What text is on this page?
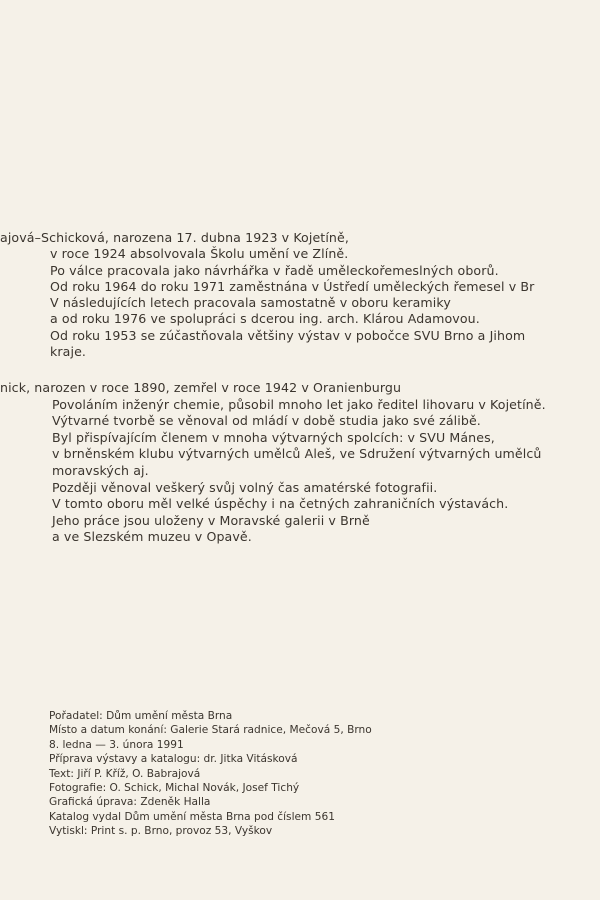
ajová–Schicková, narozena 17. dubna 1923 v Kojetíně,
v roce 1924 absolvovala Školu umění ve Zlíně.
Po válce pracovala jako návrhářka v řadě uměleckořemeslných oborů.
Od roku 1964 do roku 1971 zaměstnána v Ústředí uměleckých řemesel v Br
V následujících letech pracovala samostatně v oboru keramiky
a od roku 1976 ve spolupráci s dcerou ing. arch. Klárou Adamovou.
Od roku 1953 se zúčastňovala většiny výstav v pobočce SVU Brno a Jihom
kraje.
nick, narozen v roce 1890, zemřel v roce 1942 v Oranienburgu
Povoláním inženýr chemie, působil mnoho let jako ředitel lihovaru v Kojetíně.
Výtvarné tvorbě se věnoval od mládí v době studia jako své zálibě.
Byl přispívajícím členem v mnoha výtvarných spolcích: v SVU Mánes,
v brněnském klubu výtvarných umělců Aleš, ve Sdružení výtvarných umělců
moravských aj.
Později věnoval veškerý svůj volný čas amatérské fotografii.
V tomto oboru měl velké úspěchy i na četných zahraničních výstavách.
Jeho práce jsou uloženy v Moravské galerii v Brně
a ve Slezském muzeu v Opavě.
Pořadatel: Dům umění města Brna
Místo a datum konání: Galerie Stará radnice, Mečová 5, Brno
8. ledna — 3. února 1991
Příprava výstavy a katalogu: dr. Jitka Vitásková
Text: Jiří P. Kříž, O. Babrajová
Fotografie: O. Schick, Michal Novák, Josef Tichý
Grafická úprava: Zdeněk Halla
Katalog vydal Dům umění města Brna pod číslem 561
Vytiskl: Print s. p. Brno, provoz 53, Vyškov
